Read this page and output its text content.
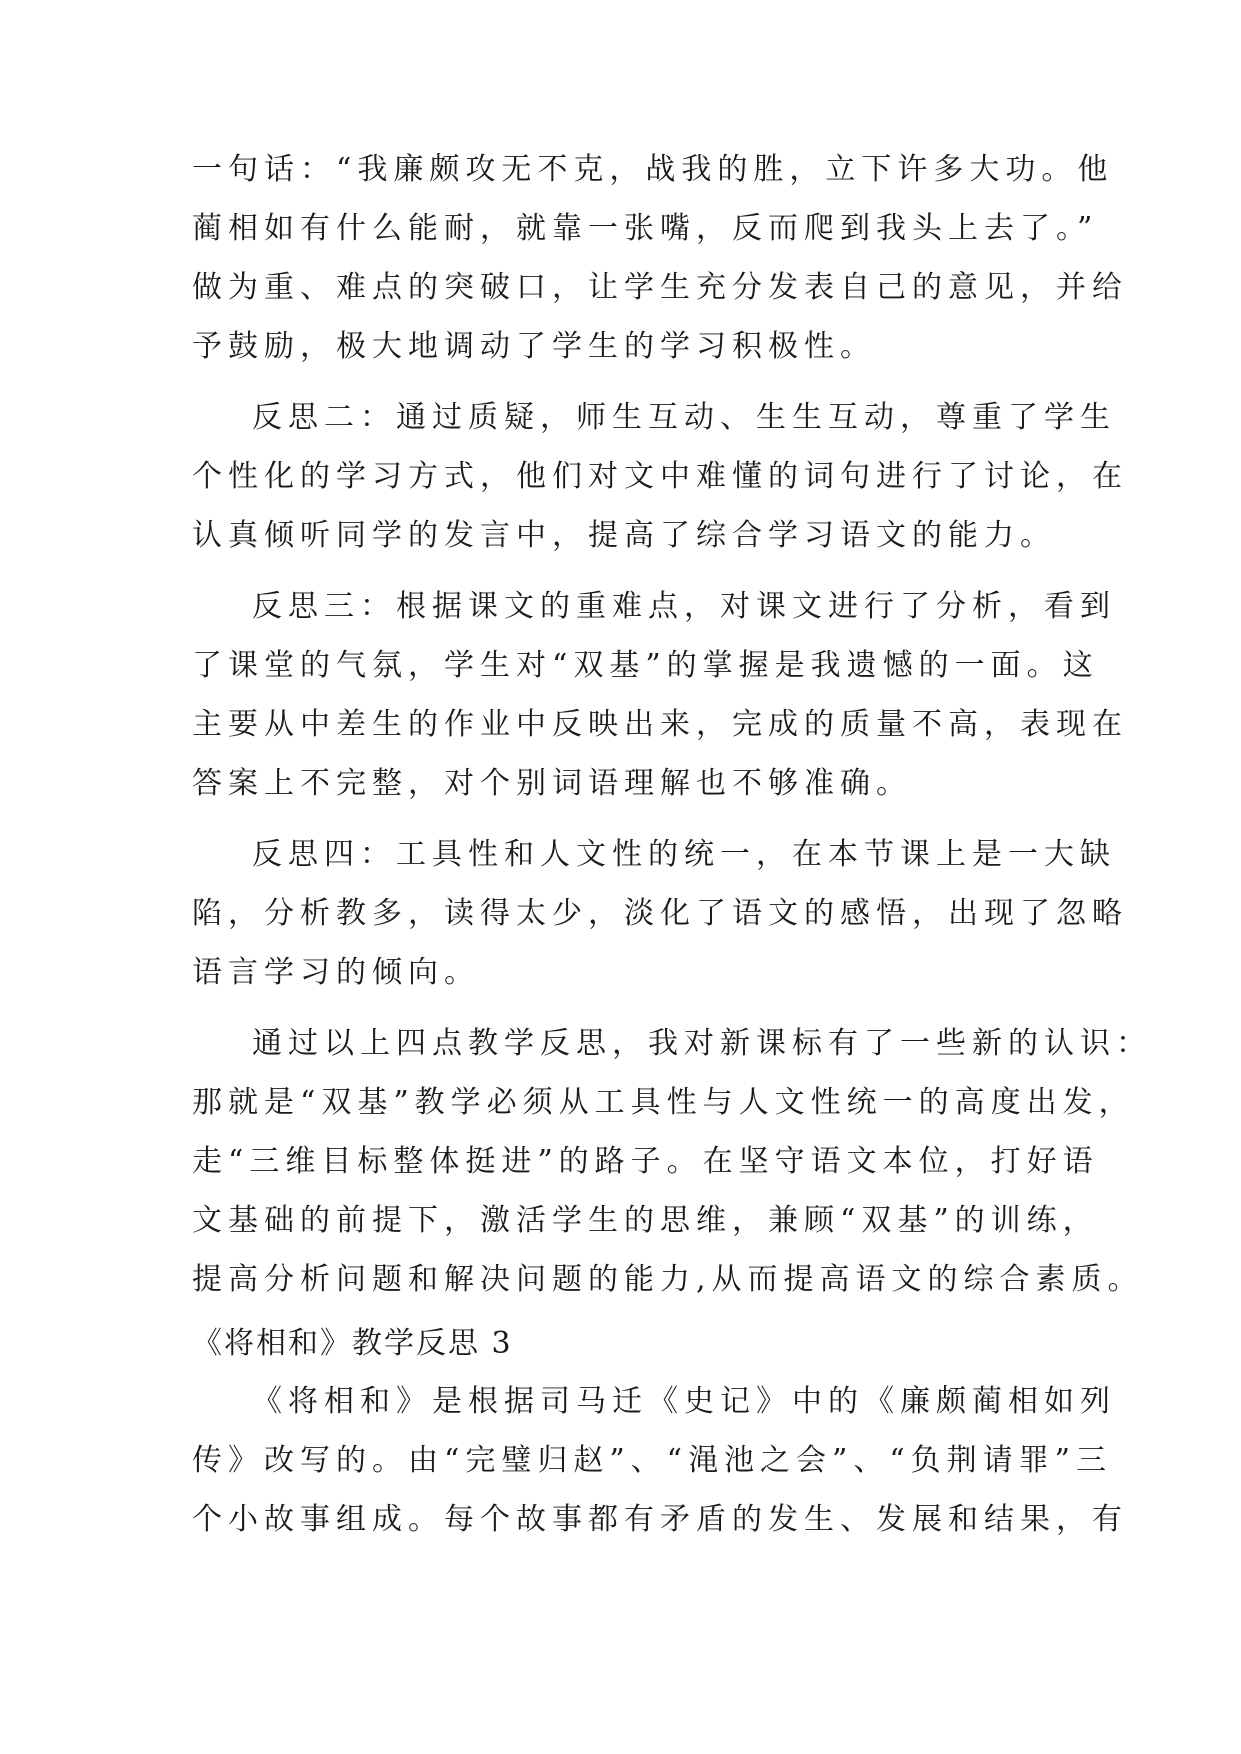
一句话：“我廉颇攻无不克，战我的胜，立下许多大功。他
蔺相如有什么能耐，就靠一张嘴，反而爬到我头上去了。”
做为重、难点的突破口，让学生充分发表自己的意见，并给
予鼓励，极大地调动了学生的学习积极性。
反思二：通过质疑，师生互动、生生互动，尊重了学生
个性化的学习方式，他们对文中难懂的词句进行了讨论，在
认真倾听同学的发言中，提高了综合学习语文的能力。
反思三：根据课文的重难点，对课文进行了分析，看到
了课堂的气氛，学生对“双基”的掌握是我遗憾的一面。这
主要从中差生的作业中反映出来，完成的质量不高，表现在
答案上不完整，对个别词语理解也不够准确。
反思四：工具性和人文性的统一，在本节课上是一大缺
陷，分析教多，读得太少，淡化了语文的感悟，出现了忽略
语言学习的倾向。
通过以上四点教学反思，我对新课标有了一些新的认识：
那就是“双基”教学必须从工具性与人文性统一的高度出发，
走“三维目标整体挺进”的路子。在坚守语文本位，打好语
文基础的前提下，激活学生的思维，兼顾“双基”的训练，
提高分析问题和解决问题的能力,从而提高语文的综合素质。
《将相和》教学反思 3
《将相和》是根据司马迁《史记》中的《廉颇蔺相如列
传》改写的。由“完璧归赵”、“渑池之会”、“负荆请罪”三
个小故事组成。每个故事都有矛盾的发生、发展和结果，有
